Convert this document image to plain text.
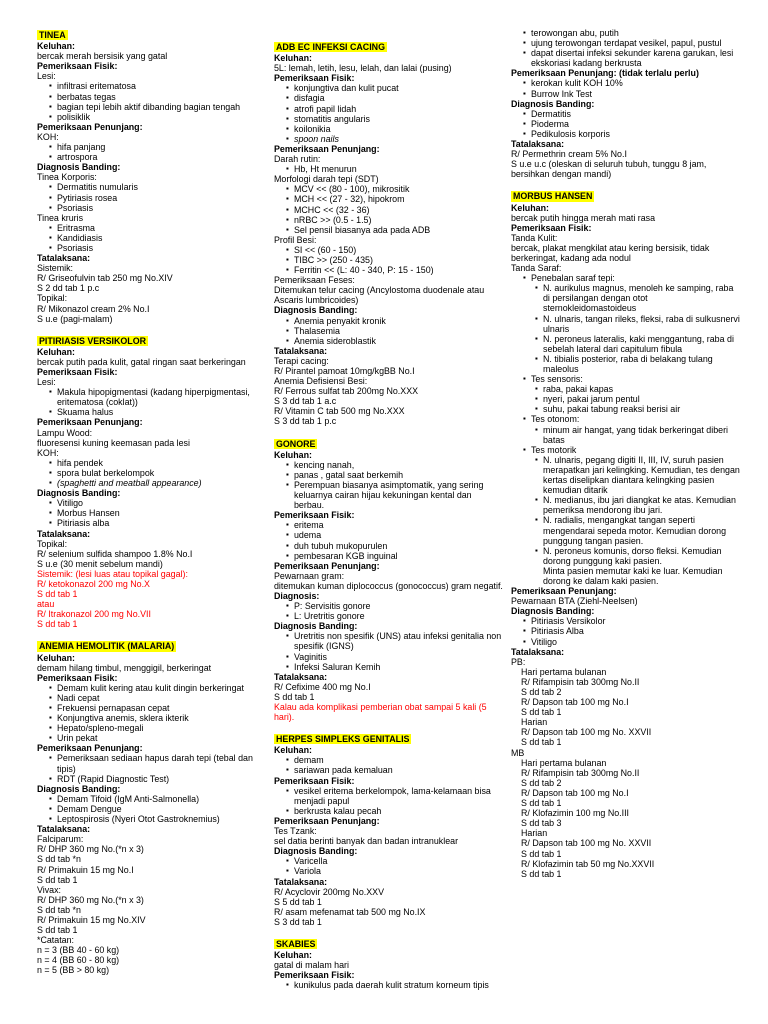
TINEA
Keluhan:
bercak merah bersisik yang gatal
Pemeriksaan Fisik:
Lesi:
▪ infiltrasi eritematosa
▪ berbatas tegas
▪ bagian tepi lebih aktif dibanding bagian tengah
▪ polisiklik
Pemeriksaan Penunjang:
KOH:
▪ hifa panjang
▪ artrospora
Diagnosis Banding:
Tinea Korporis:
▪ Dermatitis numularis
▪ Pytiriasis rosea
▪ Psoriasis
Tinea kruris
▪ Eritrasma
▪ Kandidiasis
▪ Psoriasis
Tatalaksana:
Sistemik:
R/ Griseofulvin tab 250 mg No.XIV
S 2 dd tab 1 p.c
Topikal:
R/ Mikonazol cream 2% No.I
S u.e (pagi-malam)
PITIRIASIS VERSIKOLOR
Keluhan:
bercak putih pada kulit, gatal ringan saat berkeringan
Pemeriksaan Fisik:
Lesi:
▪ Makula hipopigmentasi (kadang hiperpigmentasi, eritematosa (coklat))
▪ Skuama halus
Pemeriksaan Penunjang:
Lampu Wood:
fluoresensi kuning keemasan pada lesi
KOH:
▪ hifa pendek
▪ spora bulat berkelompok
▪ (spaghetti and meatball appearance)
Diagnosis Banding:
▪ Vitiligo
▪ Morbus Hansen
▪ Pitiriasis alba
Tatalaksana:
Topikal:
R/ selenium sulfida shampoo 1.8% No.I
S u.e (30 menit sebelum mandi)
Sistemik: (lesi luas atau topikal gagal):
R/ ketokonazol 200 mg No.X
S dd tab 1
atau
R/ Itrakonazol 200 mg No.VII
S dd tab 1
ANEMIA HEMOLITIK (MALARIA)
Keluhan:
demam hilang timbul, menggigil, berkeringat
Pemeriksaan Fisik:
▪ Demam kulit kering atau kulit dingin berkeringat
▪ Nadi cepat
▪ Frekuensi pernapasan cepat
▪ Konjungtiva anemis, sklera ikterik
▪ Hepato/spleno-megali
▪ Urin pekat
Pemeriksaan Penunjang:
▪ Pemeriksaan sediaan hapus darah tepi (tebal dan tipis)
▪ RDT (Rapid Diagnostic Test)
Diagnosis Banding:
▪ Demam Tifoid (IgM Anti-Salmonella)
▪ Demam Dengue
▪ Leptospirosis (Nyeri Otot Gastroknemius)
Tatalaksana:
Falciparum:
R/ DHP 360 mg No.(*n x 3)
S dd tab *n
R/ Primakuin 15 mg No.I
S dd tab 1
Vivax:
R/ DHP 360 mg No.(*n x 3)
S dd tab *n
R/ Primakuin 15 mg No.XIV
S dd tab 1
*Catatan:
n = 3 (BB 40 - 60 kg)
n = 4 (BB 60 - 80 kg)
n = 5 (BB > 80 kg)
ADB EC INFEKSI CACING
Keluhan:
5L: lemah, letih, lesu, lelah, dan lalai (pusing)
Pemeriksaan Fisik:
▪ konjungtiva dan kulit pucat
▪ disfagia
▪ atrofi papil lidah
▪ stomatitis angularis
▪ koilonikia
▪ spoon nails
Pemeriksaan Penunjang:
Darah rutin:
▪ Hb, Ht menurun
Morfologi darah tepi (SDT)
▪ MCV << (80 - 100), mikrositik
▪ MCH << (27 - 32), hipokrom
▪ MCHC << (32 - 36)
▪ nRBC >> (0.5 - 1.5)
▪ Sel pensil biasanya ada pada ADB
Profil Besi:
▪ SI << (60 - 150)
▪ TIBC >> (250 - 435)
▪ Ferritin << (L: 40 - 340, P: 15 - 150)
Pemeriksaan Feses:
Ditemukan telur cacing (Ancylostoma duodenale atau Ascaris lumbricoides)
Diagnosis Banding:
▪ Anemia penyakit kronik
▪ Thalasemia
▪ Anemia sideroblastik
Tatalaksana:
Terapi cacing:
R/ Pirantel pamoat 10mg/kgBB No.I
Anemia Defisiensi Besi:
R/ Ferrous sulfat tab 200mg No.XXX
S 3 dd tab 1 a.c
R/ Vitamin C tab 500 mg No.XXX
S 3 dd tab 1 p.c
GONORE
Keluhan:
▪ kencing nanah,
▪ panas , gatal saat berkemih
▪ Perempuan biasanya asimptomatik, yang sering keluarnya cairan hijau kekuningan kental dan berbau.
Pemeriksaan Fisik:
▪ eritema
▪ udema
▪ duh tubuh mukopurulen
▪ pembesaran KGB inguinal
Pemeriksaan Penunjang:
Pewarnaan gram:
ditemukan kuman diplococcus (gonococcus) gram negatif.
Diagnosis:
▪ P: Servisitis gonore
▪ L: Uretritis gonore
Diagnosis Banding:
▪ Uretritis non spesifik (UNS) atau infeksi genitalia non spesifik (IGNS)
▪ Vaginitis
▪ Infeksi Saluran Kemih
Tatalaksana:
R/ Cefixime 400 mg No.I
S dd tab 1
Kalau ada komplikasi pemberian obat sampai 5 kali (5 hari).
HERPES SIMPLEKS GENITALIS
Keluhan:
▪ demam
▪ sariawan pada kemaluan
Pemeriksaan Fisik:
▪ vesikel eritema berkelompok, lama-kelamaan bisa menjadi papul
▪ berkrusta kalau pecah
Pemeriksaan Penunjang:
Tes Tzank:
sel datia berinti banyak dan badan intranuklear
Diagnosis Banding:
▪ Varicella
▪ Variola
Tatalaksana:
R/ Acyclovir 200mg No.XXV
S 5 dd tab 1
R/ asam mefenamat tab 500 mg No.IX
S 3 dd tab 1
SKABIES
Keluhan:
gatal di malam hari
Pemeriksaan Fisik:
▪ kunikulus pada daerah kulit stratum korneum tipis
▪ terowongan abu, putih
▪ ujung terowongan terdapat vesikel, papul, pustul
▪ dapat disertai infeksi sekunder karena garukan, lesi ekskoriasi kadang berkrusta
Pemeriksaan Penunjang: (tidak terlalu perlu)
▪ kerokan kulit KOH 10%
▪ Burrow Ink Test
Diagnosis Banding:
▪ Dermatitis
▪ Pioderma
▪ Pedikulosis korporis
Tatalaksana:
R/ Permethrin cream 5% No.I
S u.e u.c (oleskan di seluruh tubuh, tunggu 8 jam, bersihkan dengan mandi)
MORBUS HANSEN
Keluhan:
bercak putih hingga merah mati rasa
Pemeriksaan Fisik:
Tanda Kulit:
bercak, plakat mengkilat atau kering bersisik, tidak berkeringat, kadang ada nodul
Tanda Saraf:
▪ Penebalan saraf tepi:
▪ N. aurikulus magnus, menoleh ke samping, raba di persilangan dengan otot sternokleidomastoideus
▪ N. ulnaris, tangan rileks, fleksi, raba di sulkusnervi ulnaris
▪ N. peroneus lateralis, kaki menggantung, raba di sebelah lateral dari capitulum fibula
▪ N. tibialis posterior, raba di belakang tulang maleolus
▪ Tes sensoris:
▪ raba, pakai kapas
▪ nyeri, pakai jarum pentul
▪ suhu, pakai tabung reaksi berisi air
▪ Tes otonom:
▪ minum air hangat, yang tidak berkeringat diberi batas
▪ Tes motorik
▪ N. ulnaris, pegang digiti II, III, IV, suruh pasien merapatkan jari kelingking. Kemudian, tes dengan kertas diselipkan diantara kelingking pasien kemudian ditarik
▪ N. medianus, ibu jari diangkat ke atas. Kemudian pemeriksa mendorong ibu jari.
▪ N. radialis, mengangkat tangan seperti mengendarai sepeda motor. Kemudian dorong punggung tangan pasien.
▪ N. peroneus komunis, dorso fleksi. Kemudian dorong punggung kaki pasien.
Minta pasien memutar kaki ke luar. Kemudian dorong ke dalam kaki pasien.
Pemeriksaan Penunjang:
Pewarnaan BTA (Ziehl-Neelsen)
Diagnosis Banding:
▪ Pitiriasis Versikolor
▪ Pitiriasis Alba
▪ Vitiligo
Tatalaksana:
PB:
Hari pertama bulanan
R/ Rifampisin tab 300mg No.II
S dd tab 2
R/ Dapson tab 100 mg No.I
S dd tab 1
Harian
R/ Dapson tab 100 mg No. XXVII
S dd tab 1
MB
Hari pertama bulanan
R/ Rifampisin tab 300mg No.II
S dd tab 2
R/ Dapson tab 100 mg No.I
S dd tab 1
R/ Klofazimin 100 mg No.III
S dd tab 3
Harian
R/ Dapson tab 100 mg No. XXVII
S dd tab 1
R/ Klofazimin tab 50 mg No.XXVII
S dd tab 1
